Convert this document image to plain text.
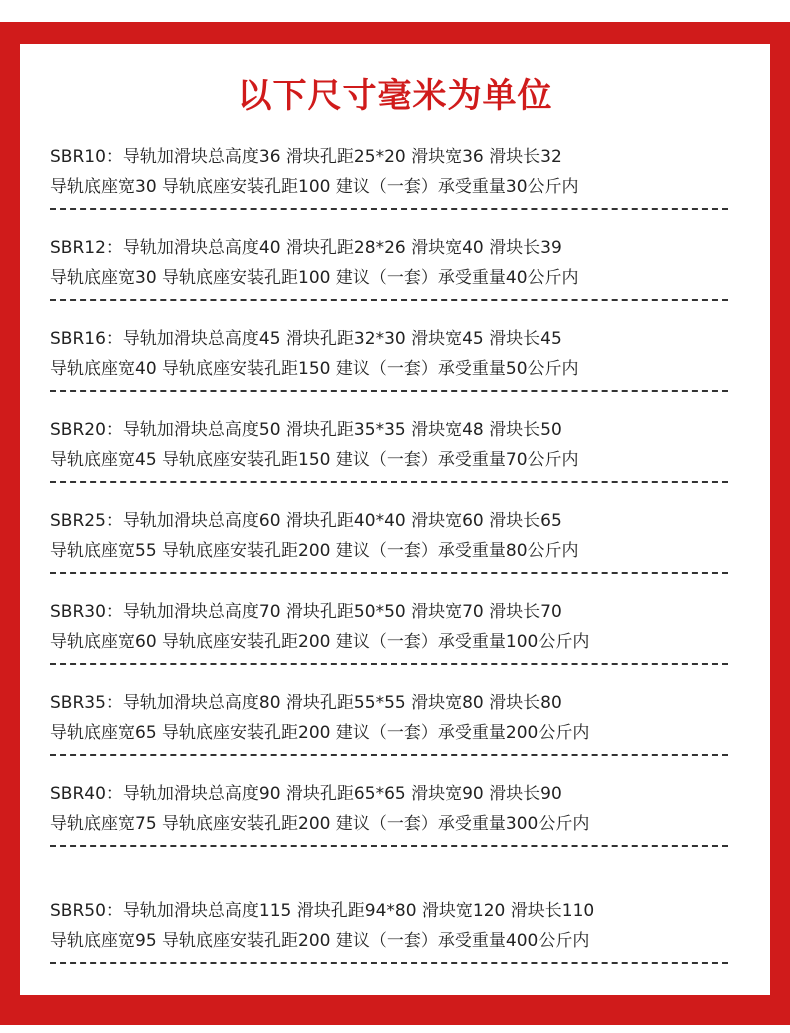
以下尺寸毫米为单位
SBR10：导轨加滑块总高度36 滑块孔距25*20 滑块宽36 滑块长32
导轨底座宽30 导轨底座安装孔距100 建议（一套）承受重量30公斤内
SBR12：导轨加滑块总高度40 滑块孔距28*26 滑块宽40 滑块长39
导轨底座宽30 导轨底座安装孔距100 建议（一套）承受重量40公斤内
SBR16：导轨加滑块总高度45 滑块孔距32*30 滑块宽45 滑块长45
导轨底座宽40 导轨底座安装孔距150 建议（一套）承受重量50公斤内
SBR20：导轨加滑块总高度50 滑块孔距35*35 滑块宽48 滑块长50
导轨底座宽45 导轨底座安装孔距150 建议（一套）承受重量70公斤内
SBR25：导轨加滑块总高度60 滑块孔距40*40 滑块宽60 滑块长65
导轨底座宽55 导轨底座安装孔距200 建议（一套）承受重量80公斤内
SBR30：导轨加滑块总高度70 滑块孔距50*50 滑块宽70 滑块长70
导轨底座宽60 导轨底座安装孔距200 建议（一套）承受重量100公斤内
SBR35：导轨加滑块总高度80 滑块孔距55*55 滑块宽80 滑块长80
导轨底座宽65 导轨底座安装孔距200 建议（一套）承受重量200公斤内
SBR40：导轨加滑块总高度90 滑块孔距65*65 滑块宽90 滑块长90
导轨底座宽75 导轨底座安装孔距200 建议（一套）承受重量300公斤内
SBR50：导轨加滑块总高度115 滑块孔距94*80 滑块宽120 滑块长110
导轨底座宽95 导轨底座安装孔距200 建议（一套）承受重量400公斤内
